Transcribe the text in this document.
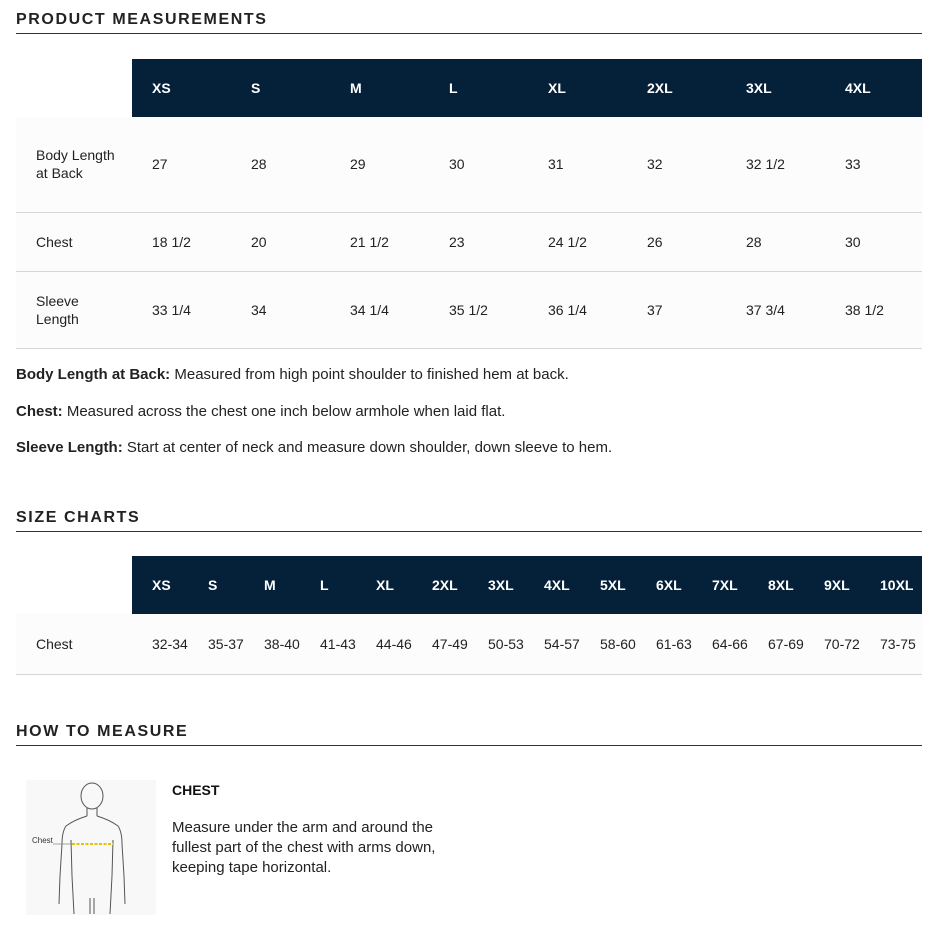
PRODUCT MEASUREMENTS
	XS	S	M	L	XL	2XL	3XL	4XL
Body Length at Back	27	28	29	30	31	32	32 1/2	33
Chest	18 1/2	20	21 1/2	23	24 1/2	26	28	30
Sleeve Length	33 1/4	34	34 1/4	35 1/2	36 1/4	37	37 3/4	38 1/2
Body Length at Back: Measured from high point shoulder to finished hem at back.
Chest: Measured across the chest one inch below armhole when laid flat.
Sleeve Length: Start at center of neck and measure down shoulder, down sleeve to hem.
SIZE CHARTS
	XS	S	M	L	XL	2XL	3XL	4XL	5XL	6XL	7XL	8XL	9XL	10XL
Chest	32-34	35-37	38-40	41-43	44-46	47-49	50-53	54-57	58-60	61-63	64-66	67-69	70-72	73-75
HOW TO MEASURE
Chest
CHEST
Measure under the arm and around the fullest part of the chest with arms down, keeping tape horizontal.
